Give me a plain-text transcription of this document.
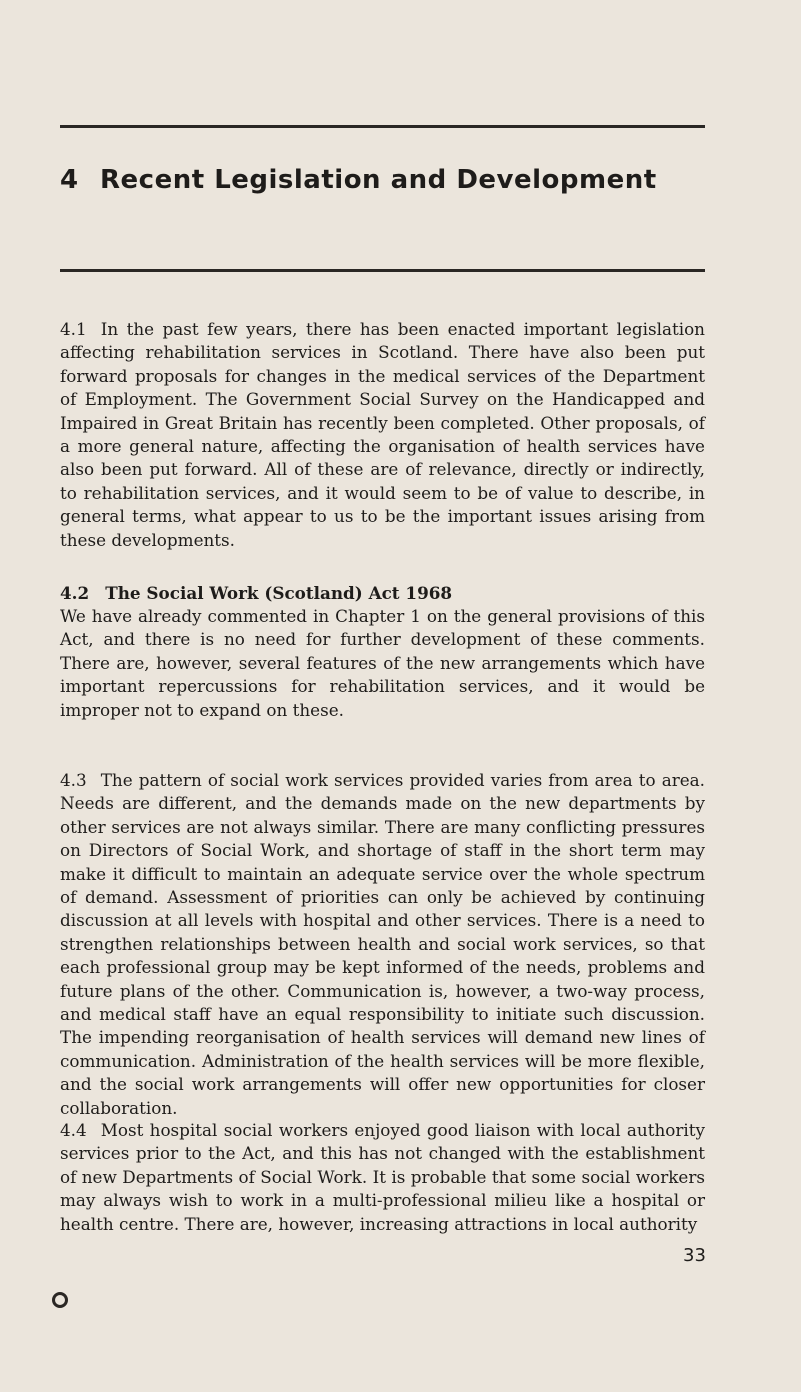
4 Recent Legislation and Development

4.1 In the past few years, there has been enacted important legislation affecting rehabilitation services in Scotland. There have also been put forward proposals for changes in the medical services of the Department of Employment. The Government Social Survey on the Handicapped and Impaired in Great Britain has recently been completed. Other proposals, of a more general nature, affecting the organisation of health services have also been put forward. All of these are of relevance, directly or indirectly, to rehabilitation services, and it would seem to be of value to describe, in general terms, what appear to us to be the important issues arising from these developments.

4.2 The Social Work (Scotland) Act 1968

We have already commented in Chapter 1 on the general provisions of this Act, and there is no need for further development of these comments. There are, however, several features of the new arrangements which have important repercussions for rehabilitation services, and it would be improper not to expand on these.

4.3 The pattern of social work services provided varies from area to area. Needs are different, and the demands made on the new departments by other services are not always similar. There are many conflicting pressures on Directors of Social Work, and shortage of staff in the short term may make it difficult to maintain an adequate service over the whole spectrum of demand. Assessment of priorities can only be achieved by continuing discussion at all levels with hospital and other services. There is a need to strengthen relationships between health and social work services, so that each professional group may be kept informed of the needs, problems and future plans of the other. Communication is, however, a two-way process, and medical staff have an equal responsibility to initiate such discussion. The impending reorganisation of health services will demand new lines of communication. Administration of the health services will be more flexible, and the social work arrangements will offer new opportunities for closer collaboration.

4.4 Most hospital social workers enjoyed good liaison with local authority services prior to the Act, and this has not changed with the establishment of new Departments of Social Work. It is probable that some social workers may always wish to work in a multi-professional milieu like a hospital or health centre. There are, however, increasing attractions in local authority

33
